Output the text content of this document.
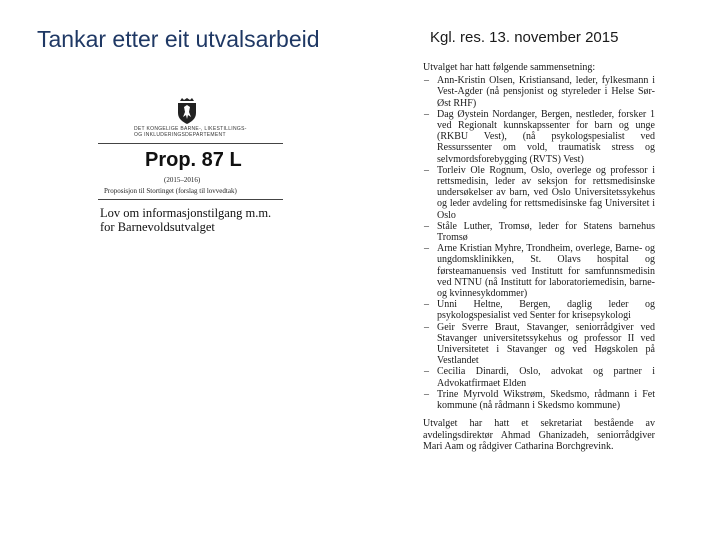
Tankar etter eit utvalsarbeid	Kgl. res. 13. november 2015
DET KONGELIGE BARNE-, LIKESTILLINGS-
OG INKLUDERINGSDEPARTEMENT
Prop. 87 L
(2015–2016)
Proposisjon til Stortinget (forslag til lovvedtak)
Lov om informasjonstilgang m.m.
for Barnevoldsutvalget

Utvalget har hatt følgende sammensetning:

– Ann-Kristin Olsen, Kristiansand, leder, fylkesmann i Vest-Agder (nå pensjonist og styreleder i Helse Sør-Øst RHF)
– Dag Øystein Nordanger, Bergen, nestleder, forsker 1 ved Regionalt kunnskapssenter for barn og unge (RKBU Vest), (nå psykologspesialist ved Ressurssenter om vold, traumatisk stress og selvmordsforebygging (RVTS) Vest)
– Torleiv Ole Rognum, Oslo, overlege og professor i rettsmedisin, leder av seksjon for rettsmedisinske undersøkelser av barn, ved Oslo Universitetssykehus og leder avdeling for rettsmedisinske fag Universitet i Oslo
– Ståle Luther, Tromsø, leder for Statens barnehus Tromsø
– Arne Kristian Myhre, Trondheim, overlege, Barne- og ungdomsklinikken, St. Olavs hospital og førsteamanuensis ved Institutt for samfunnsmedisin ved NTNU (nå Institutt for laboratoriemedisin, barne- og kvinnesykdommer)
– Unni Heltne, Bergen, daglig leder og psykologspesialist ved Senter for krisepsykologi
– Geir Sverre Braut, Stavanger, seniorrådgiver ved Stavanger universitetssykehus og professor II ved Universitetet i Stavanger og ved Høgskolen på Vestlandet
– Cecilia Dinardi, Oslo, advokat og partner i Advokatfirmaet Elden
– Trine Myrvold Wikstrøm, Skedsmo, rådmann i Fet kommune (nå rådmann i Skedsmo kommune)

Utvalget har hatt et sekretariat bestående av avdelingsdirektør Ahmad Ghanizadeh, seniorrådgiver Mari Aam og rådgiver Catharina Borchgrevink.
